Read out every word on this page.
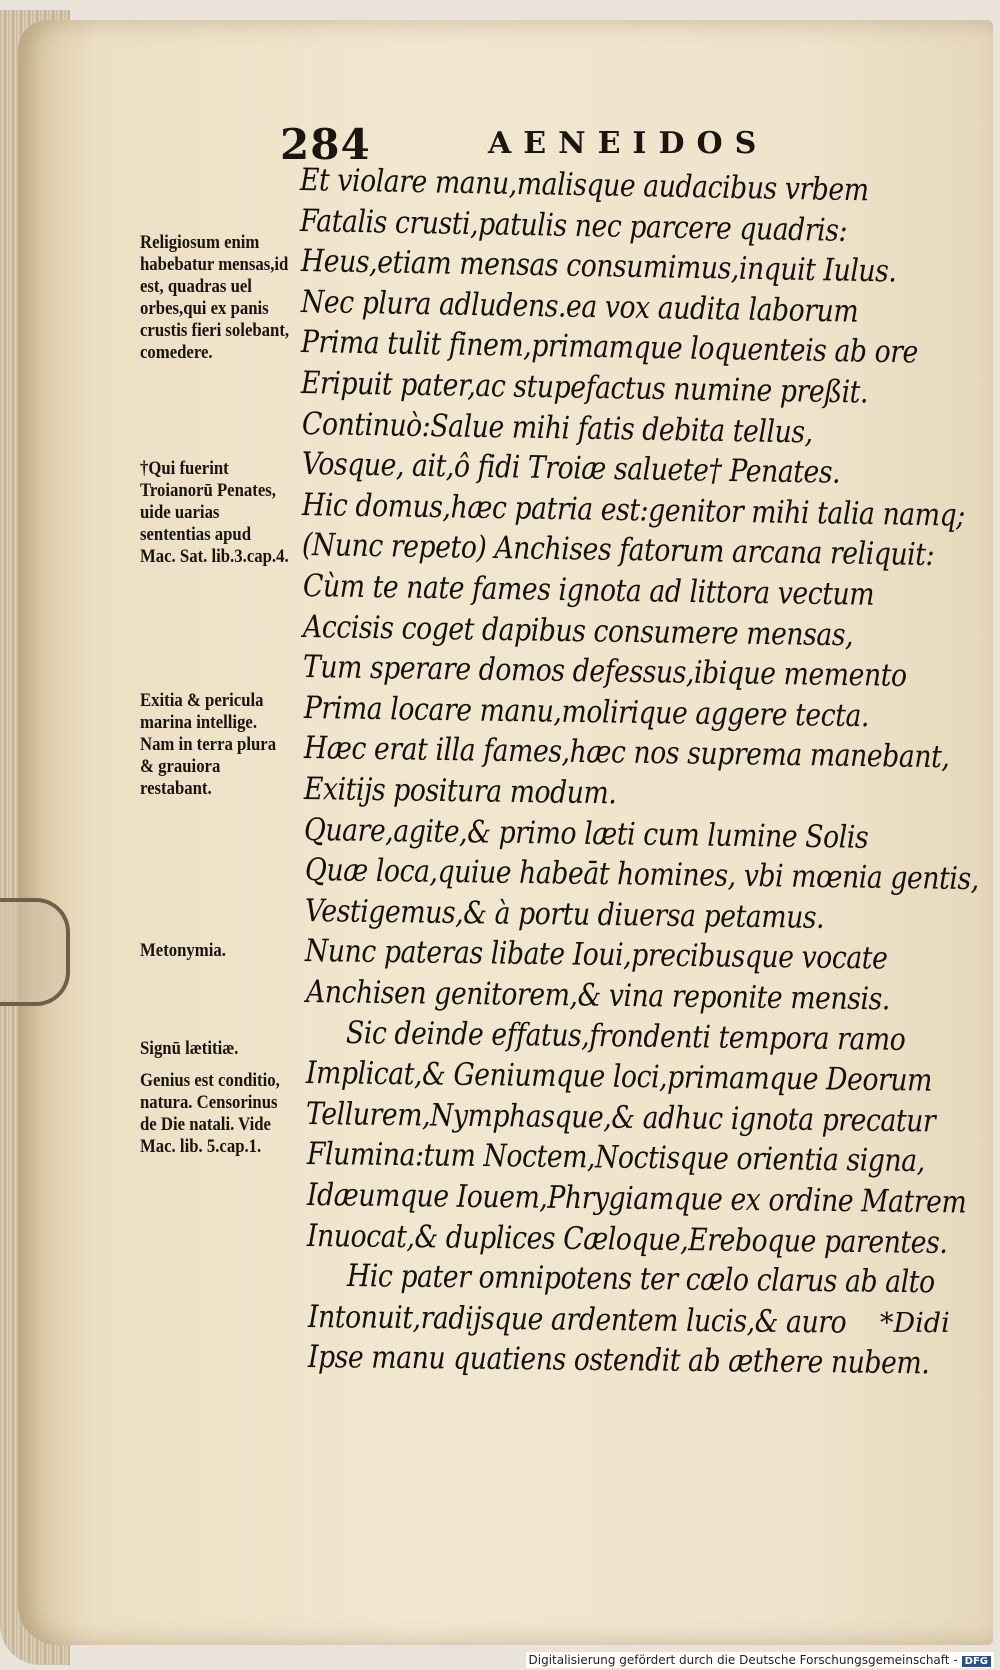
284	AENEIDOS
Et violare manu,malisque audacibus vrbem
Fatalis crusti,patulis nec parcere quadris:
Heus,etiam mensas consumimus,inquit Iulus.
Nec plura adludens.ea vox audita laborum
Prima tulit finem,primamque loquenteis ab ore
Eripuit pater,ac stupefactus numine preßit.
Continuò:Salue mihi fatis debita tellus,
Vosque, ait,ô fidi Troiæ saluete† Penates.
Hic domus,hæc patria est:genitor mihi talia namq;
(Nunc repeto) Anchises fatorum arcana reliquit:
Cùm te nate fames ignota ad littora vectum
Accisis coget dapibus consumere mensas,
Tum sperare domos defessus,ibique memento
Prima locare manu,molirique aggere tecta.
Hæc erat illa fames,hæc nos suprema manebant,
Exitijs positura modum.
Quare,agite,& primo læti cum lumine Solis
Quæ loca,quiue habeāt homines, vbi mœnia gentis,
Vestigemus,& à portu diuersa petamus.
Nunc pateras libate Ioui,precibusque vocate
Anchisen genitorem,& vina reponite mensis.
Sic deinde effatus,frondenti tempora ramo
Implicat,& Geniumque loci,primamque Deorum
Tellurem,Nymphasque,& adhuc ignota precatur
Flumina:tum Noctem,Noctisque orientia signa,
Idæumque Iouem,Phrygiamque ex ordine Matrem
Inuocat,& duplices Cæloque,Ereboque parentes.
Hic pater omnipotens ter cælo clarus ab alto
Intonuit,radijsque ardentem lucis,& auro
Ipse manu quatiens ostendit ab æthere nubem.
Religiosum enim habebatur mensas,id est, quadras uel orbes,qui ex panis crustis fieri solebant, comedere.
†Qui fuerint Troianorū Penates, uide uarias sententias apud Mac. Sat. lib.3.cap.4.
Exitia & pericula marina intellige. Nam in terra plura & grauiora restabant.
Metonymia.
Signū lætitiæ.
Genius est conditio, natura. Censorinus de Die natali. Vide Mac. lib. 5.cap.1.
*Didi
Digitalisierung gefördert durch die Deutsche Forschungsgemeinschaft - DFG
